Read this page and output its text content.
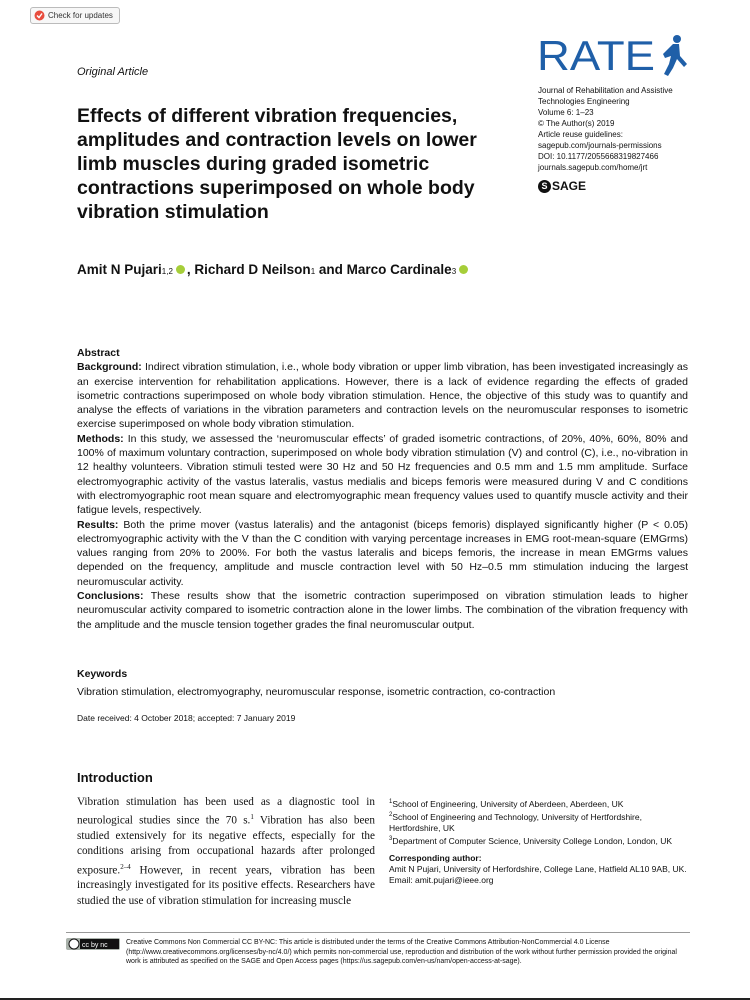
Check for updates
Original Article	RATE
Journal of Rehabilitation and Assistive
Technologies Engineering
Volume 6: 1–23
© The Author(s) 2019
Article reuse guidelines:
sagepub.com/journals-permissions
DOI: 10.1177/2055668319827466
journals.sagepub.com/home/jrt
S SAGE
Effects of different vibration frequencies, amplitudes and contraction levels on lower limb muscles during graded isometric contractions superimposed on whole body vibration stimulation
Amit N Pujari 1,2 , Richard D Neilson 1 and Marco Cardinale 3

Abstract

Background: Indirect vibration stimulation, i.e., whole body vibration or upper limb vibration, has been investigated increasingly as an exercise intervention for rehabilitation applications. However, there is a lack of evidence regarding the effects of graded isometric contractions superimposed on whole body vibration stimulation. Hence, the objective of this study was to quantify and analyse the effects of variations in the vibration parameters and contraction levels on the neuromuscular responses to isometric exercise superimposed on whole body vibration stimulation.

Methods: In this study, we assessed the ‘neuromuscular effects’ of graded isometric contractions, of 20%, 40%, 60%, 80% and 100% of maximum voluntary contraction, superimposed on whole body vibration stimulation (V) and control (C), i.e., no-vibration in 12 healthy volunteers. Vibration stimuli tested were 30 Hz and 50 Hz frequencies and 0.5 mm and 1.5 mm amplitude. Surface electromyographic activity of the vastus lateralis, vastus medialis and biceps femoris were measured during V and C conditions with electromyographic root mean square and electromyographic mean frequency values used to quantify muscle activity and their fatigue levels, respectively.

Results: Both the prime mover (vastus lateralis) and the antagonist (biceps femoris) displayed significantly higher (P < 0.05) electromyographic activity with the V than the C condition with varying percentage increases in EMG root-mean-square (EMGrms) values ranging from 20% to 200%. For both the vastus lateralis and biceps femoris, the increase in mean EMGrms values depended on the frequency, amplitude and muscle contraction level with 50 Hz–0.5 mm stimulation inducing the largest neuromuscular activity.

Conclusions: These results show that the isometric contraction superimposed on vibration stimulation leads to higher neuromuscular activity compared to isometric contraction alone in the lower limbs. The combination of the vibration frequency with the amplitude and the muscle tension together grades the final neuromuscular output.

Keywords
Vibration stimulation, electromyography, neuromuscular response, isometric contraction, co-contraction
Date received: 4 October 2018; accepted: 7 January 2019
Introduction
Vibration stimulation has been used as a diagnostic tool in neurological studies since the 70 s.$^1$ Vibration has also been studied extensively for its negative effects, especially for the conditions arising from occupational hazards after prolonged exposure.$^{2-4}$ However, in recent years, vibration has been increasingly investigated for its positive effects. Researchers have studied the use of vibration stimulation for increasing muscle

$^1$School of Engineering, University of Aberdeen, Aberdeen, UK

$^2$School of Engineering and Technology, University of Hertfordshire, Hertfordshire, UK

$^3$Department of Computer Science, University College London, London, UK

Corresponding author:

Amit N Pujari, University of Herfordshire, College Lane, Hatfield AL10 9AB, UK.

Email: amit.pujari@ieee.org

cc by nc	Creative Commons Non Commercial CC BY-NC: This article is distributed under the terms of the Creative Commons Attribution-NonCommercial 4.0 License (http://www.creativecommons.org/licenses/by-nc/4.0/) which permits non-commercial use, reproduction and distribution of the work without further permission provided the original work is attributed as specified on the SAGE and Open Access pages (https://us.sagepub.com/en-us/nam/open-access-at-sage).
